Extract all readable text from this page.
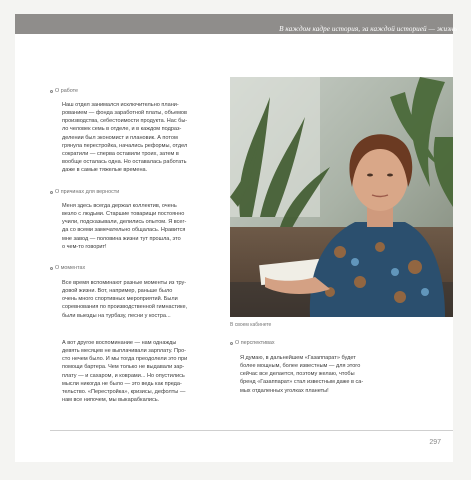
В каждом кадре история, за каждой историей — жизнь
О работе
Наш отдел занимался исключительно плани-
рованием — фонда заработной платы, объемов
производства, себестоимости продукта. Нас бы-
ло человек семь в отделе, и в каждом подраз-
делении был экономист и плановик. А потом
грянула перестройка, начались реформы, отдел
сократили — сперва оставили троих, затем в
вообще осталась одна. Но оставалась работать
даже в самые тяжелые времена.
О причинах для верности
Меня здесь всегда держал коллектив, очень
везло с людьми. Старшие товарищи постоянно
учили, подсказывали, делились опытом. Я всег-
да со всеми замечательно общалась. Нравится
мне завод — половина жизни тут прошла, это
о чем-то говорит!
О моментах
Все время вспоминают разные моменты из тру-
довой жизни. Вот, например, раньше было
очень много спортивных мероприятий. Были
соревнования по производственной гимнастике,
были выезды на турбазу, песни у костра...
А вот другое воспоминание — нам однажды
девять месяцев не выплачивали зарплату. Про-
сто нечем было. И мы тогда преодолели это при
помощи бартера. Чем только не выдавали зар-
плату — и сахаром, и коврами... Но опустились
мысли никогда не было — это ведь как преда-
тельство. «Перестройка», кризисы, дефолты —
нам все нипочем, мы выкарабкались.
В своем кабинете
О перспективах
Я думаю, в дальнейшем «Газаппарат» будет
более мощным, более известным — для этого
сейчас все делается, поэтому желаю, чтобы
бренд «Газаппарат» стал известным даже в са-
мых отдаленных уголках планеты!
297
